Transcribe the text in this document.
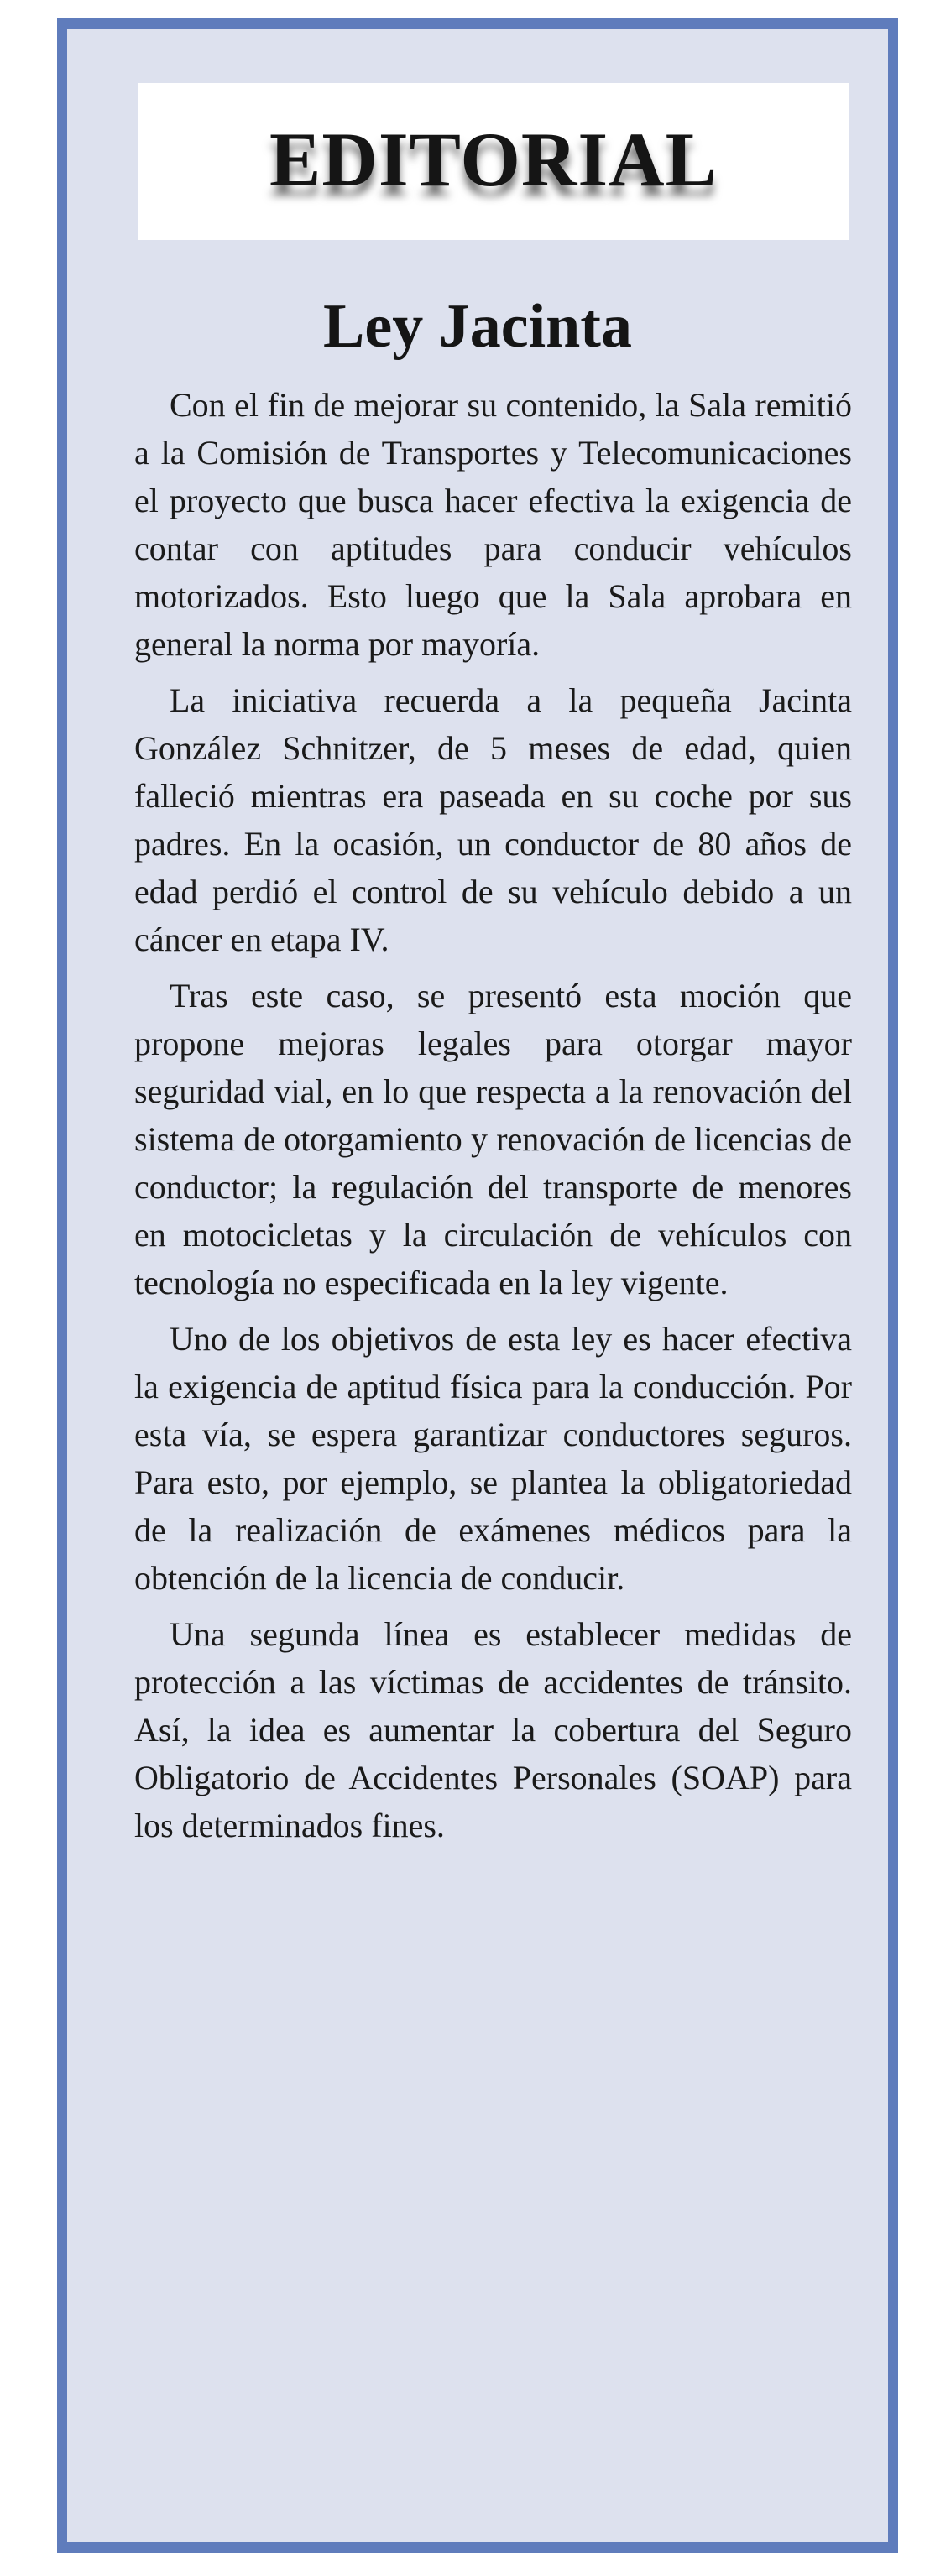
EDITORIAL
Ley Jacinta

Con el fin de mejorar su contenido, la Sala remitió a la Comisión de Transportes y Telecomunicaciones el proyecto que busca hacer efectiva la exigencia de contar con aptitudes para conducir vehículos motorizados. Esto luego que la Sala aprobara en general la norma por mayoría.

La iniciativa recuerda a la pequeña Jacinta González Schnitzer, de 5 meses de edad, quien falleció mientras era paseada en su coche por sus padres. En la ocasión, un conductor de 80 años de edad perdió el control de su vehículo debido a un cáncer en etapa IV.

Tras este caso, se presentó esta moción que propone mejoras legales para otorgar mayor seguridad vial, en lo que respecta a la renovación del sistema de otorgamiento y renovación de licencias de conductor; la regulación del transporte de menores en motocicletas y la circulación de vehículos con tecnología no especificada en la ley vigente.

Uno de los objetivos de esta ley es hacer efectiva la exigencia de aptitud física para la conducción. Por esta vía, se espera garantizar conductores seguros. Para esto, por ejemplo, se plantea la obligatoriedad de la realización de exámenes médicos para la obtención de la licencia de conducir.

Una segunda línea es establecer medidas de protección a las víctimas de accidentes de tránsito. Así, la idea es aumentar la cobertura del Seguro Obligatorio de Accidentes Personales (SOAP) para los determinados fines.
